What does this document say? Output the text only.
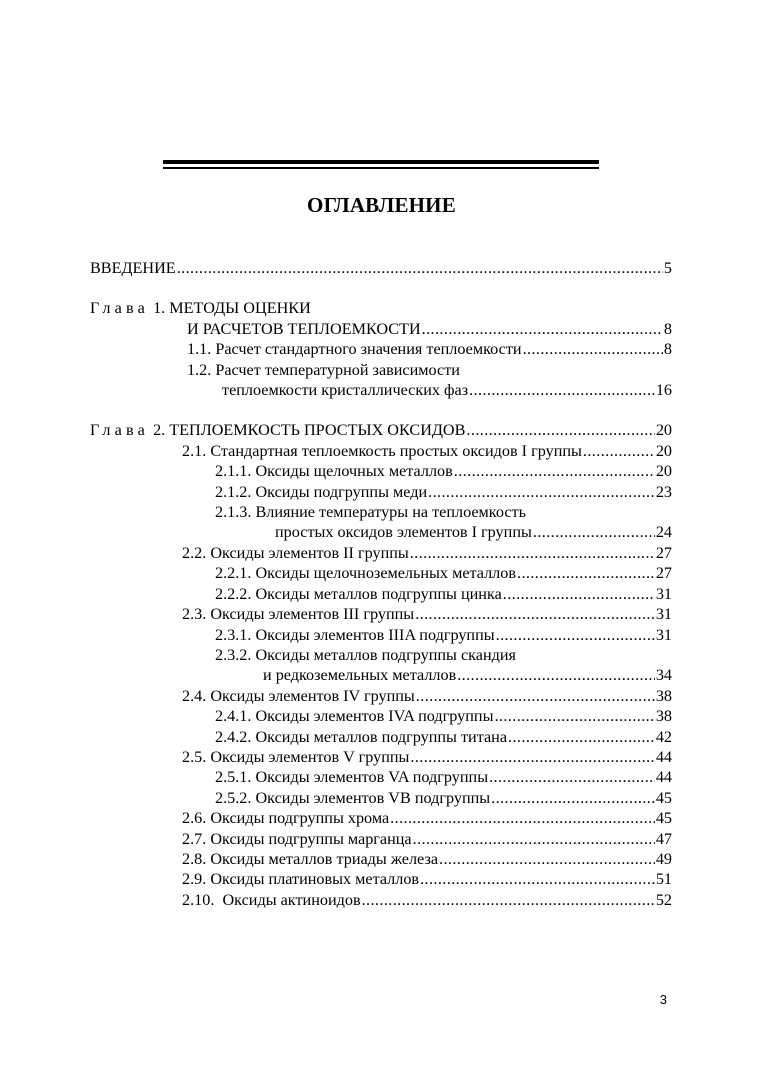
ОГЛАВЛЕНИЕ
ВВЕДЕНИЕ .....	5
Глава 1. МЕТОДЫ ОЦЕНКИ
И РАСЧЕТОВ ТЕПЛОЕМКОСТИ .....	8
1.1. Расчет стандартного значения теплоемкости .....	8
1.2. Расчет температурной зависимости
теплоемкости кристаллических фаз .....	16
Глава 2. ТЕПЛОЕМКОСТЬ ПРОСТЫХ ОКСИДОВ .....	20
2.1. Стандартная теплоемкость простых оксидов I группы .....	20
2.1.1. Оксиды щелочных металлов .....	20
2.1.2. Оксиды подгруппы меди .....	23
2.1.3. Влияние температуры на теплоемкость
простых оксидов элементов I группы .....	24
2.2. Оксиды элементов II группы .....	27
2.2.1. Оксиды щелочноземельных металлов .....	27
2.2.2. Оксиды металлов подгруппы цинка .....	31
2.3. Оксиды элементов III группы .....	31
2.3.1. Оксиды элементов IIIA подгруппы .....	31
2.3.2. Оксиды металлов подгруппы скандия
и редкоземельных металлов .....	34
2.4. Оксиды элементов IV группы .....	38
2.4.1. Оксиды элементов IVA подгруппы .....	38
2.4.2. Оксиды металлов подгруппы титана .....	42
2.5. Оксиды элементов V группы .....	44
2.5.1. Оксиды элементов VA подгруппы .....	44
2.5.2. Оксиды элементов VB подгруппы .....	45
2.6. Оксиды подгруппы хрома .....	45
2.7. Оксиды подгруппы марганца .....	47
2.8. Оксиды металлов триады железа .....	49
2.9. Оксиды платиновых металлов .....	51
2.10.  Оксиды актиноидов .....	52
3
